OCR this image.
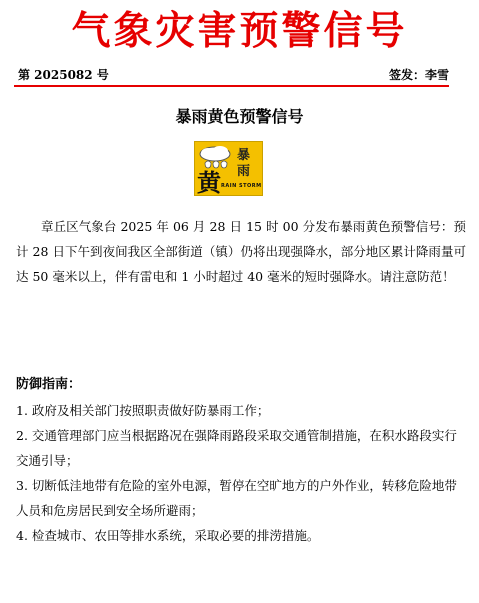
气象灾害预警信号
第 2025082 号	签发：李雪
暴雨黄色预警信号
暴
雨
黄 RAIN STORM

章丘区气象台 2025 年 06 月 28 日 15 时 00 分发布暴雨黄色预警信号：预计 28 日下午到夜间我区全部街道（镇）仍将出现强降水，部分地区累计降雨量可达 50 毫米以上，伴有雷电和 1 小时超过 40 毫米的短时强降水。请注意防范！

防御指南：

1. 政府及相关部门按照职责做好防暴雨工作；

2. 交通管理部门应当根据路况在强降雨路段采取交通管制措施，在积水路段实行交通引导；

3. 切断低洼地带有危险的室外电源，暂停在空旷地方的户外作业，转移危险地带人员和危房居民到安全场所避雨；

4. 检查城市、农田等排水系统，采取必要的排涝措施。
